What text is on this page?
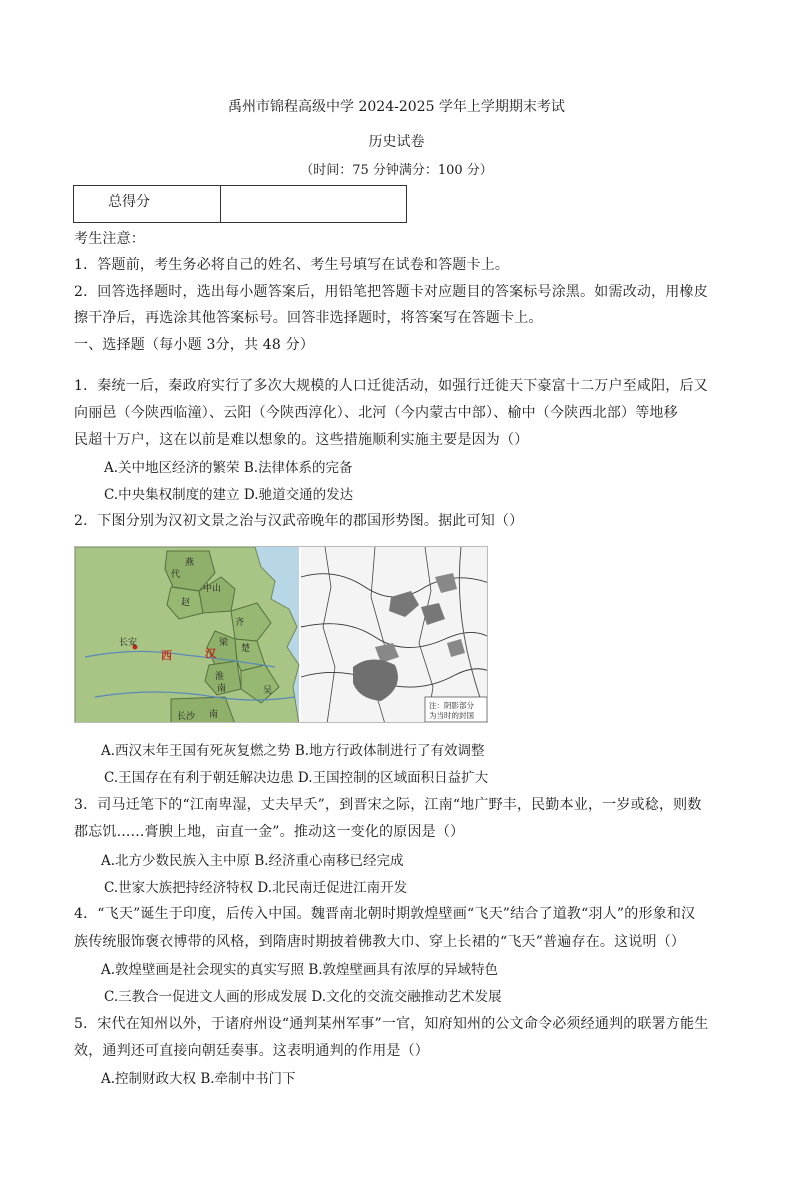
禹州市锦程高级中学 2024-2025 学年上学期期末考试
历史试卷
（时间：75 分钟满分：100 分）
总得分
考生注意：
1．答题前，考生务必将自己的姓名、考生号填写在试卷和答题卡上。
2．回答选择题时，选出每小题答案后，用铅笔把答题卡对应题目的答案标号涂黑。如需改动，用橡皮
擦干净后，再选涂其他答案标号。回答非选择题时，将答案写在答题卡上。
一、选择题（每小题 3分，共 48 分）
1．秦统一后，秦政府实行了多次大规模的人口迁徙活动，如强行迁徙天下豪富十二万户至咸阳，后又
向丽邑（今陕西临潼）、云阳（今陕西淳化）、北河（今内蒙古中部）、榆中（今陕西北部）等地移
民超十万户，这在以前是难以想象的。这些措施顺利实施主要是因为（）
A.关中地区经济的繁荣 B.法律体系的完备
C.中央集权制度的建立 D.驰道交通的发达
2．下图分别为汉初文景之治与汉武帝晚年的郡国形势图。据此可知（）
燕
代
中山
赵
齐
梁
楚
长安
西	汉
淮
南	吴
长沙 南
注：阴影部分
为当时的封国
A.西汉末年王国有死灰复燃之势 B.地方行政体制进行了有效调整
C.王国存在有利于朝廷解决边患 D.王国控制的区域面积日益扩大
3．司马迁笔下的“江南卑湿，丈夫早夭”，到晋宋之际，江南“地广野丰，民勤本业，一岁或稔，则数
郡忘饥......膏腴上地，亩直一金”。推动这一变化的原因是（）
A.北方少数民族入主中原 B.经济重心南移已经完成
C.世家大族把持经济特权 D.北民南迁促进江南开发
4．“飞天”诞生于印度，后传入中国。魏晋南北朝时期敦煌壁画“飞天”结合了道教“羽人”的形象和汉
族传统服饰褒衣博带的风格，到隋唐时期披着佛教大巾、穿上长裙的“飞天”普遍存在。这说明（）
A.敦煌壁画是社会现实的真实写照 B.敦煌壁画具有浓厚的异域特色
C.三教合一促进文人画的形成发展 D.文化的交流交融推动艺术发展
5．宋代在知州以外，于诸府州设“通判某州军事”一官，知府知州的公文命令必须经通判的联署方能生
效，通判还可直接向朝廷奏事。这表明通判的作用是（）
A.控制财政大权 B.牵制中书门下
